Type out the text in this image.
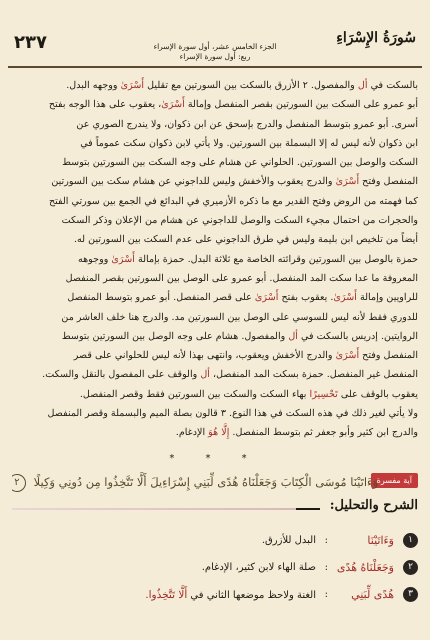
٢٣٧	الجزء الخامس عشر، أول سورة الإسراء
ربع: أول سورة الإسراء
سُورَةُ الإِسْرَاءِ

بالسكت في أل والمفصول. ٢ الأزرق بالسكت بين السورتين مع تقليل أَسْرَىٰ ووجهه البدل.

أبو عمرو على السكت بين السورتين بقصر المنفصل وإمالة أَسْرَىٰ، يعقوب على هذا الوجه بفتح

أسرى. أبو عمرو بتوسط المنفصل والدرج بإسحق عن ابن ذكوان، ولا يندرج الصوري عن

ابن ذكوان لأنه ليس له إلا البسملة بين السورتين. ولا يأتي لابن ذكوان سكت عموماً في

السكت والوصل بين السورتين. الحلواني عن هشام على وجه السكت بين السورتين بتوسط

المنفصل وفتح أَسْرَىٰ والدرج يعقوب والأخفش وليس للداجوني عن هشام سكت بين السورتين

كما فهمته من الروض وفتح القدير مع ما ذكره الأزميري في البدائع في الجمع بين سورتي الفتح

والحجرات من احتمال مجيء السكت والوصل للداجوني عن هشام من الإعلان وذكر السكت

أيضاً من تلخيص ابن بليمة وليس في طرق الداجوني على عدم السكت بين السورتين له.

حمزة بالوصل بين السورتين وقرائته الخاصة مع ثلاثة البدل. حمزة بإمالة أَسْرَىٰ ووجوهه

المعروفة ما عدا سكت المد المنفصل. أبو عمرو على الوصل بين السورتين بقصر المنفصل

للراويين وإمالة أَسْرَىٰ. يعقوب بفتح أَسْرَىٰ على قصر المنفصل. أبو عمرو بتوسط المنفصل

للدوري فقط لأنه ليس للسوسي على الوصل بين السورتين مد. والدرج هنا خلف العاشر من

الروايتين. إدريس بالسكت في أل والمفصول. هشام على وجه الوصل بين السورتين بتوسط

المنفصل وفتح أَسْرَىٰ والدرج الأخفش ويعقوب، وانتهى بهذا لأنه ليس للحلواني على قصر

المنفصل غير المنفصل. حمزة بسكت المد المنفصل، أل والوقف على المفصول بالنقل والسكت.

يعقوب بالوقف على تَحْسِيرًا بهاء السكت والسكت بين السورتين فقط وقصر المنفصل.

ولا يأتي لغير ذلك في هذه السكت في هذا النوع. ٣ قالون بصلة الميم والبسملة وقصر المنفصل

والدرج ابن كثير وأبو جعفر ثم بتوسط المنفصل. إِلَّا هُوَ الإدغام.

* * *
آية مفسرة
وَءَاتَيْنَا مُوسَى الْكِتَابَ وَجَعَلْنَاهُ هُدًى لِّبَنِي إِسْرَاءِيلَ أَلَّا تَتَّخِذُوا مِن دُونِي وَكِيلًا ٢
الشرح والتحليل:
١
وَءَاتَيْنَا
:
البدل للأزرق.
٢
وَجَعَلْنَاهُ هُدًى
:
صلة الهاء لابن كثير، الإدغام.
٣
هُدًى لِّبَنِي
:
الغنة ولاحظ موضعها الثاني في أَلَّا تَتَّخِذُوا.
